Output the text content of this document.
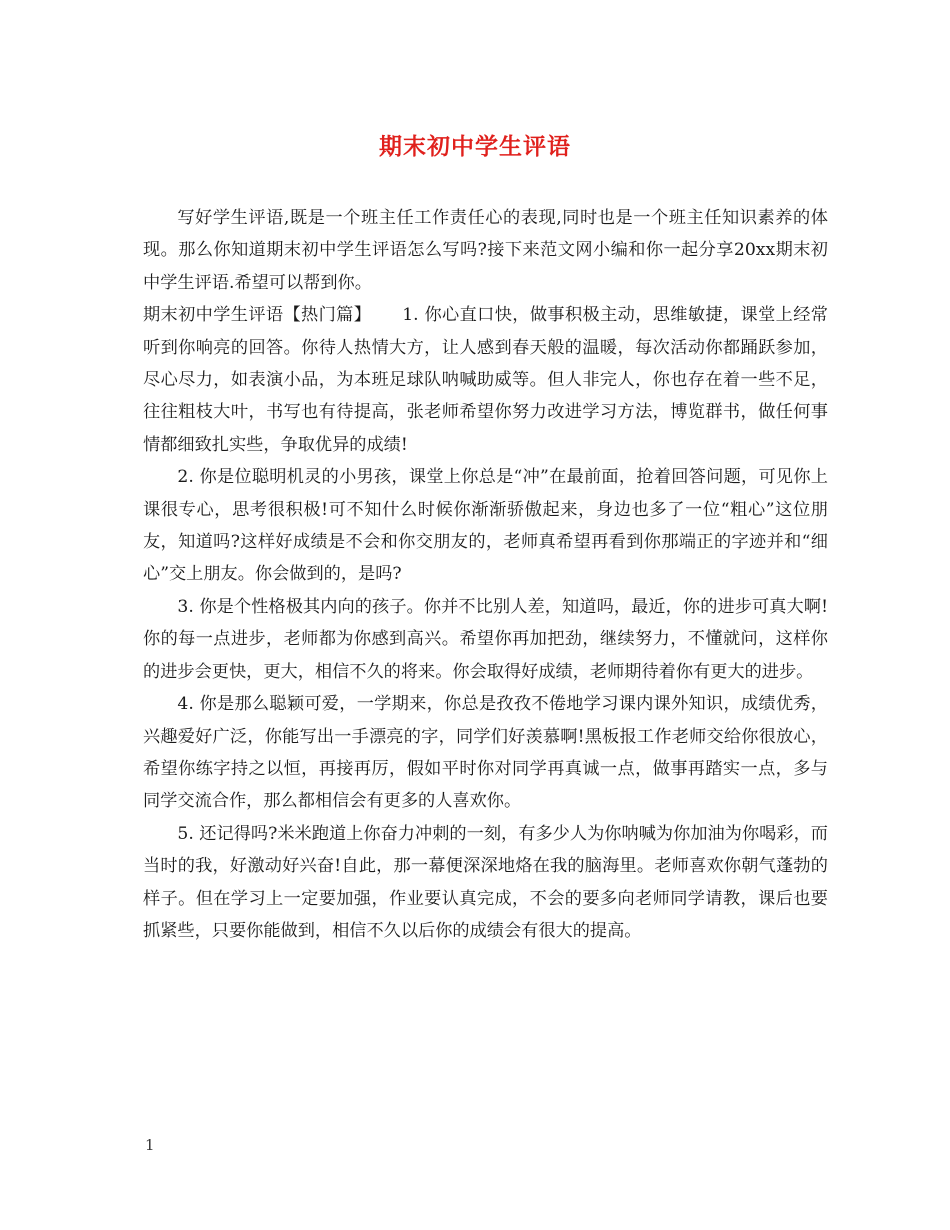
期末初中学生评语

写好学生评语,既是一个班主任工作责任心的表现,同时也是一个班主任知识素养的体现。那么你知道期末初中学生评语怎么写吗?接下来范文网小编和你一起分享20xx期末初中学生评语.希望可以帮到你。

期末初中学生评语【热门篇】 1. 你心直口快，做事积极主动，思维敏捷，课堂上经常听到你响亮的回答。你待人热情大方，让人感到春天般的温暖，每次活动你都踊跃参加，尽心尽力，如表演小品，为本班足球队呐喊助威等。但人非完人，你也存在着一些不足，往往粗枝大叶，书写也有待提高，张老师希望你努力改进学习方法，博览群书，做任何事情都细致扎实些，争取优异的成绩!

2. 你是位聪明机灵的小男孩，课堂上你总是“冲”在最前面，抢着回答问题，可见你上课很专心，思考很积极!可不知什么时候你渐渐骄傲起来，身边也多了一位“粗心”这位朋友，知道吗?这样好成绩是不会和你交朋友的，老师真希望再看到你那端正的字迹并和“细心”交上朋友。你会做到的，是吗?

3. 你是个性格极其内向的孩子。你并不比别人差，知道吗，最近，你的进步可真大啊!你的每一点进步，老师都为你感到高兴。希望你再加把劲，继续努力，不懂就问，这样你的进步会更快，更大，相信不久的将来。你会取得好成绩，老师期待着你有更大的进步。

4. 你是那么聪颖可爱，一学期来，你总是孜孜不倦地学习课内课外知识，成绩优秀，兴趣爱好广泛，你能写出一手漂亮的字，同学们好羡慕啊!黑板报工作老师交给你很放心，希望你练字持之以恒，再接再厉，假如平时你对同学再真诚一点，做事再踏实一点，多与同学交流合作，那么都相信会有更多的人喜欢你。

5. 还记得吗?米米跑道上你奋力冲刺的一刻，有多少人为你呐喊为你加油为你喝彩，而当时的我，好激动好兴奋!自此，那一幕便深深地烙在我的脑海里。老师喜欢你朝气蓬勃的样子。但在学习上一定要加强，作业要认真完成，不会的要多向老师同学请教，课后也要抓紧些，只要你能做到，相信不久以后你的成绩会有很大的提高。

1
